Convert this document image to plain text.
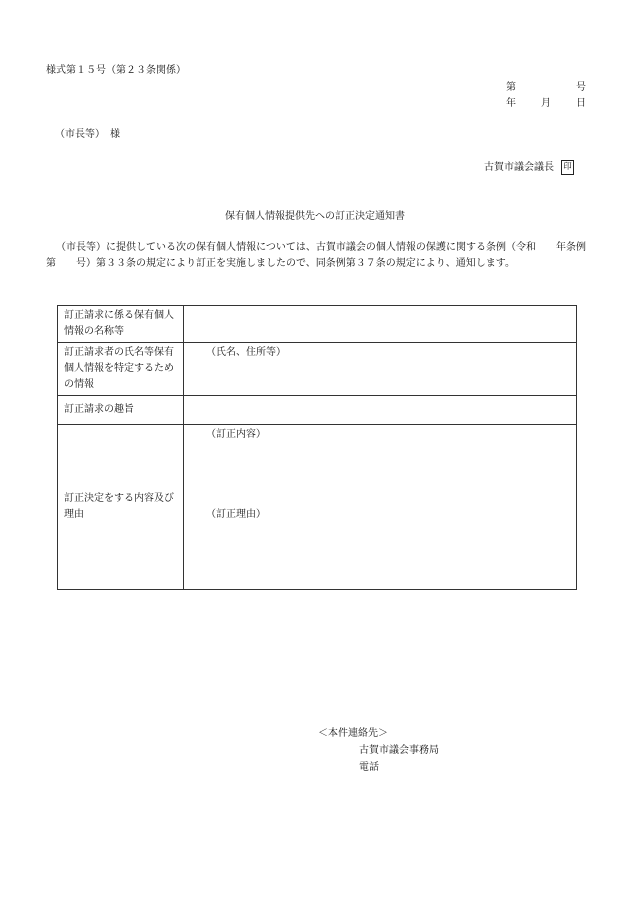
様式第１５号（第２３条関係）
第	号
年	月	日
（市長等）　様
古賀市議会議長 印
保有個人情報提供先への訂正決定通知書
（市長等）に提供している次の保有個人情報については、古賀市議会の個人情報の保護に関する条例（令和　　年条例第　　号）第３３条の規定により訂正を実施しましたので、同条例第３７条の規定により、通知します。
訂正請求に係る保有個人情報の名称等	
訂正請求者の氏名等保有個人情報を特定するための情報	（氏名、住所等）

訂正請求の趣旨	
訂正決定をする内容及び理由	（訂正内容）
（訂正理由）
＜本件連絡先＞
古賀市議会事務局
電話
